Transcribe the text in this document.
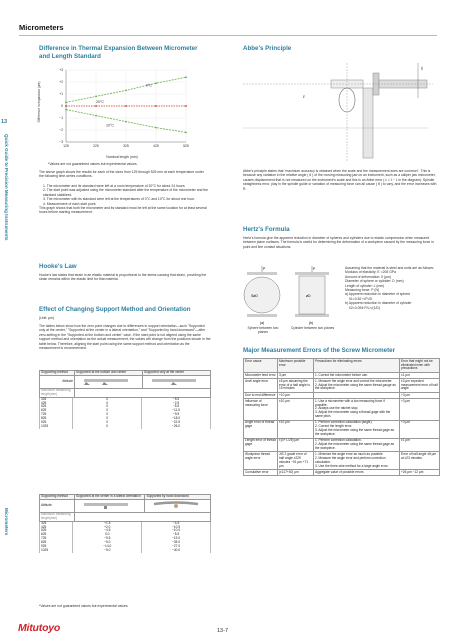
Micrometers
13
Quick Guide to Precision Measuring Instruments
Micrometers
Difference in Thermal Expansion Between Micrometer
and Length Standard
Difference in expansion (μm)
+3
+2
+1
0
−1
−2
−3
125	225	325	425	525
0°C
20°C
10°C
Nominal length (mm)
*Values are not guaranteed values but experimental values.
The above graph shows the results for each of the sizes from 125 through 525 mm at each temperature under the following time-series conditions.
1. The micrometer and its standard were left at a room temperature of 20°C for about 24 hours.
2. The start point was adjusted using the micrometer standard after the temperature of the micrometer and the standard stabilized.
3. The micrometer with its standard were left at the temperatures of 0°C and 10°C for about one hour.
4. Measurement of each start point.
This graph shows that both the micrometer and its standard must be left at the same location for at least several hours before starting measurement.
Hooke's Law
Hooke's law states that strain in an elastic material is proportional to the stress causing that strain, providing the strain remains within the elastic limit for that material.
Effect of Changing Support Method and Orientation
(Unit: μm)
The tables below show how the zero point changes due to differences in support orientation—such "Supported only at the center," "Supported at the center in a lateral orientation," and "Supported by hand downward"—after zero-setting in the "Supported at the bottom and center" case. If the start point is not aligned using the same support method and orientation as the actual measurement, the values will change from the positions shown in the table below. Therefore, aligning the start point using the same support method and orientation as the measurement is recommended.
Supporting method	Supported at the bottom and center	Supported only at the center
Attitude		
Maximum measuring length(mm)		
325	0	−5.5
425	0	−2.5
525	0	−5.5
625	0	−11.5
725	0	−9.5
825	0	−18.0
925	0	−22.5
1025	0	−26.0
Supporting method	Supported at the center in a lateral orientation	Supported by hand downward
Attitude		
Maximum measuring length(mm)		
325	+1.5	−4.5
425	+2.0	−10.5
525	−4.5	−10.0
625	0.0	−5.5
725	−9.5	−19.0
825	−5.0	−35.0
925	−14.0	−27.0
1025	−5.0	−40.0
*Values are not guaranteed values but experimental values.
Abbe's Principle
ℓ
ε
Abbe's principle states that "maximum accuracy is obtained when the scale and the measurement axes are common". This is because any variation in the relative angle ( θ ) of the moving measuring jaw on an instrument, such as a caliper jaw micrometer, causes displacement that is not measured on the instrument's scale and this is an Abbe error ( ε = ℓ − L in the diagram). Spindle straightness error, play in the spindle guide or variation of measuring force can all cause ( θ ) to vary, and the error increases with R.
Hertz's Formula
Hertz's formula give the apparent reduction in diameter of spheres and cylinders due to elastic compression when measured between plane surfaces. The formula is useful for determining the deformation of a workpiece caused by the measuring force in point and line contact situations.
P
SøD
(a)
P
øD
(b)
Sphere between two planes
Cylinder between two planes
Assuming that the material is steel and units are as follows:
Modulus of elasticity: E =205 GPa
Amount of deformation: δ (μm)
Diameter of sphere or cylinder: D (mm)
Length of cylinder: L (mm)
Measuring force: P (N)
a) Apparent reduction in diameter of sphere
δ1=0.82 ³√P²/D
b) Apparent reduction in diameter of cylinder
δ2=0.094·P/L³√(1/D)
Major Measurement Errors of the Screw Micrometer
Error cause	Maximum possible error	Precautions for eliminating errors	Error that might not be eliminated even with precautions
Micrometer feed error	3 μm	1. Correct the micrometer before use.	±1 μm
Anvil angle error	±5 μm assuming the error of a half angle is 15 minutes	1. Measure the angle error and correct the micrometer.
2. Adjust the micrometer using the same thread gauge as the workpiece.	±3 μm expected measurement error of half angle
Due to end difference	+10 μm		+3 μm
Influence of measuring force	±10 μm	1. Use a micrometer with a low measuring force if possible.
2. Always use the ratchet stop.
3. Adjust the micrometer using a thread gage with the same pitch.	+3 μm
Angle error of thread gage	±10 μm	1. Perform correction calculation (angle).
2. Correct the length error.
3. Adjust the micrometer using the same thread gage as the workpiece.	+3 μm
Length error of thread gage	±(3+ L/25) μm	1. Perform correction calculation.
2. Adjust the micrometer using the same thread gage as the workpiece.	±1 μm
Workpiece thread angle error	JIS 2 grade error of half angle ±229 minutes −91 μm +71 μm	1. Minimize the angle error as much as possible.
2. Measure the angle error and perform correction calculation.
3. Use the three-wire method for a large angle error.	Error of half angle ±8 μm at ±23 minutes
Cumulative error	(±117+40) μm	Aggregate value of possible errors	+26 μm −12 μm
Mitutoyo	13-7
